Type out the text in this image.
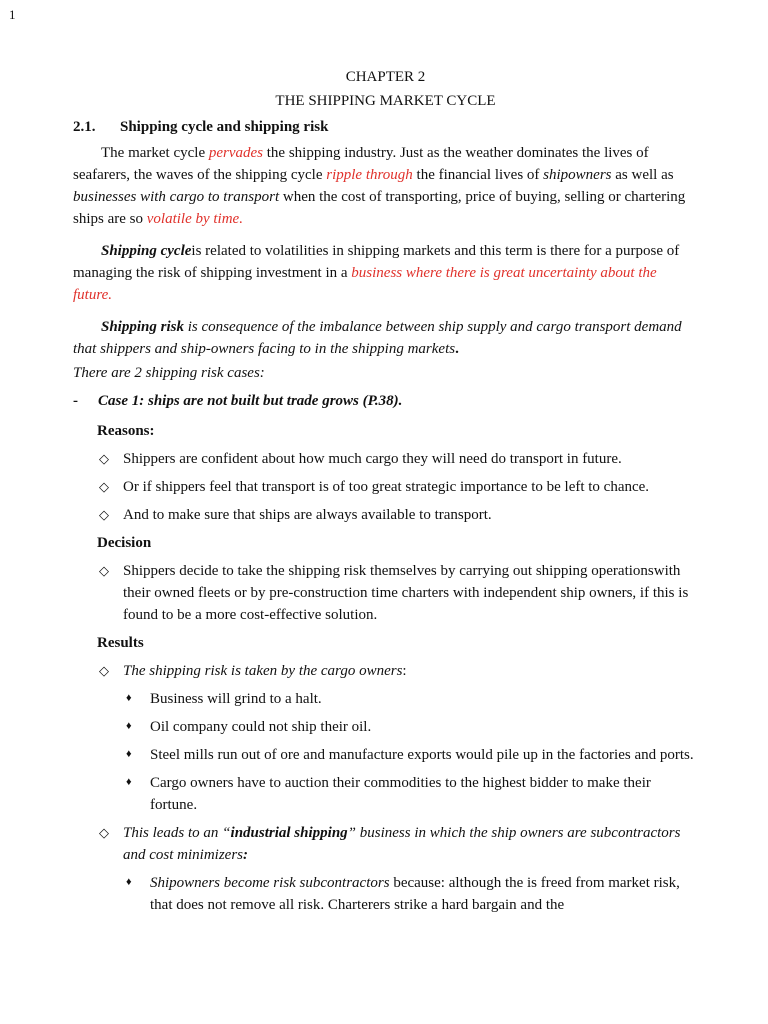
1

CHAPTER 2

THE SHIPPING MARKET CYCLE

2.1. Shipping cycle and shipping risk

The market cycle pervades the shipping industry. Just as the weather dominates the lives of seafarers, the waves of the shipping cycle ripple through the financial lives of shipowners as well as businesses with cargo to transport when the cost of transporting, price of buying, selling or chartering ships are so volatile by time.

Shipping cycleis related to volatilities in shipping markets and this term is there for a purpose of managing the risk of shipping investment in a business where there is great uncertainty about the future.

Shipping risk is consequence of the imbalance between ship supply and cargo transport demand that shippers and ship-owners facing to in the shipping markets.

There are 2 shipping risk cases:

- Case 1: ships are not built but trade grows (P.38).

Reasons:

◇ Shippers are confident about how much cargo they will need do transport in future.
◇ Or if shippers feel that transport is of too great strategic importance to be left to chance.
◇ And to make sure that ships are always available to transport.

Decision

◇ Shippers decide to take the shipping risk themselves by carrying out shipping operationswith their owned fleets or by pre-construction time charters with independent ship owners, if this is found to be a more cost-effective solution.

Results

◇ The shipping risk is taken by the cargo owners:
♦ Business will grind to a halt.
♦ Oil company could not ship their oil.
♦ Steel mills run out of ore and manufacture exports would pile up in the factories and ports.
♦ Cargo owners have to auction their commodities to the highest bidder to make their fortune.
◇ This leads to an “industrial shipping” business in which the ship owners are subcontractors and cost minimizers:
♦ Shipowners become risk subcontractors because: although the is freed from market risk, that does not remove all risk. Charterers strike a hard bargain and the
